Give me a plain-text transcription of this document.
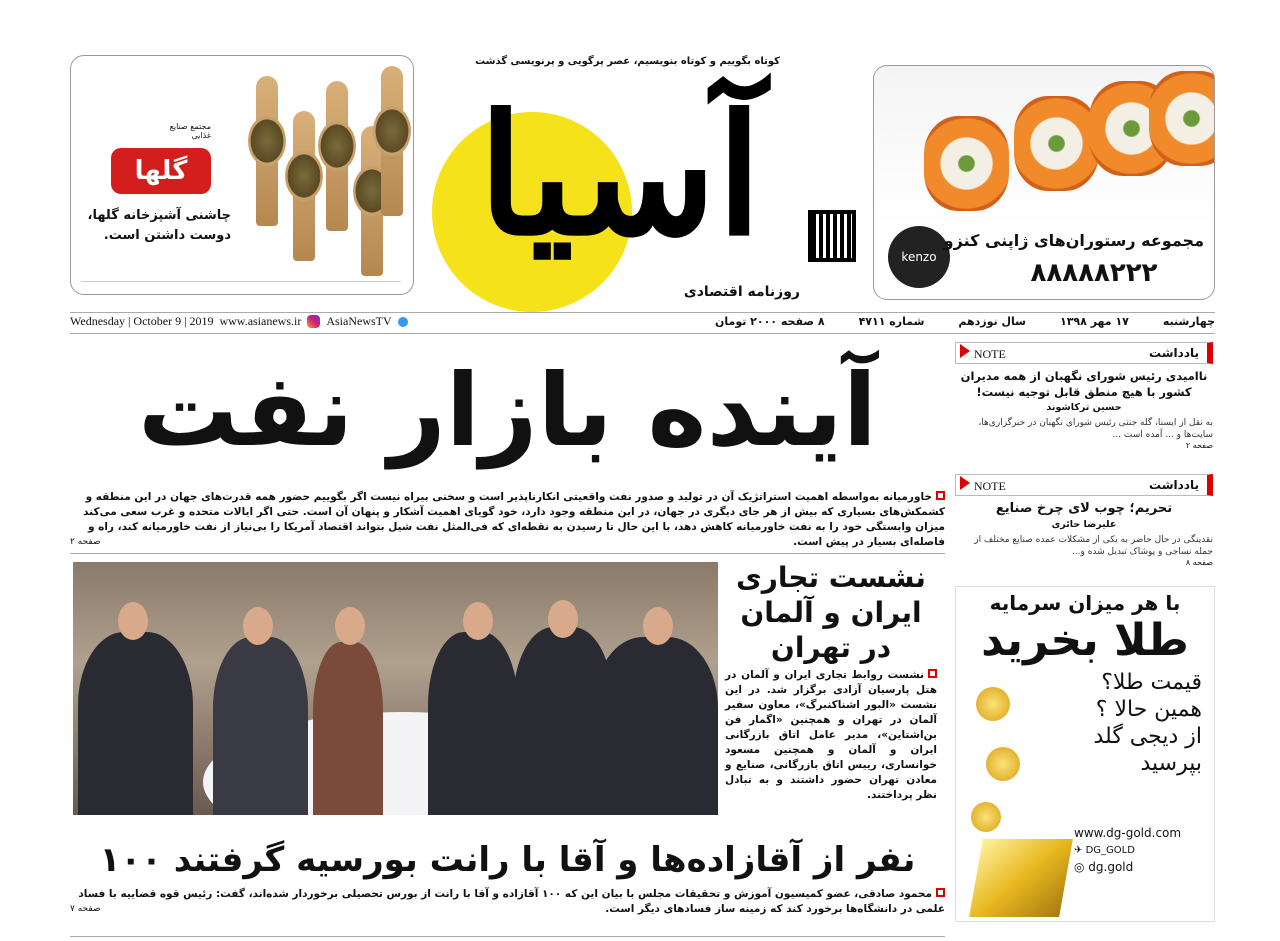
کوتاه بگوییم و کوتاه بنویسیم، عصر پرگویی و پرنویسی گذشت
آسیا
روزنامه اقتصادی
مجتمع صنایع غذایی
گلها
چاشنی آشپزخانه گلها،
دوست داشتن است.
kenzo
مجموعه رستوران‌های ژاپنی کنزو
۸۸۸۸۸۲۲۲
Wednesday | October 9 | 2019 www.asianews.ir AsiaNewsTV	چهارشنبه
۱۷ مهر ۱۳۹۸
سال نوزدهم
شماره ۴۷۱۱
۸ صفحه ۲۰۰۰ تومان
آینده بازار نفت
خاورمیانه به‌واسطه اهمیت استراتژیک آن در تولید و صدور نفت واقعیتی انکارناپذیر است و سخنی بیراه نیست اگر بگوییم حضور همه قدرت‌های جهان در این منطقه و کشمکش‌های بسیاری که بیش از هر جای دیگری در جهان، در این منطقه وجود دارد، خود گویای اهمیت آشکار و پنهان آن است. حتی اگر ایالات متحده و غرب سعی می‌کند میزان وابستگی خود را به نفت خاورمیانه کاهش دهد، با این حال تا رسیدن به نقطه‌ای که فی‌المثل نفت شیل بتواند اقتصاد آمریکا را بی‌نیاز از نفت خاورمیانه کند، راه و فاصله‌ای بسیار در پیش است.
صفحه ۲
نشست تجاری
ایران و آلمان
در تهران
نشست روابط تجاری ایران و آلمان در هتل پارسیان آزادی برگزار شد. در این نشست «البور اشناکنبرگ»، معاون سفیر آلمان در تهران و همچنین «اگمار فن بن‌اشتاین»، مدیر عامل اتاق بازرگانی ایران و آلمان و همچنین مسعود خوانساری، رییس اتاق بازرگانی، صنایع و معادن تهران حضور داشتند و به تبادل نظر پرداختند.
۱۰۰ نفر از آقازاده‌ها و آقا با رانت بورسیه گرفتند
محمود صادقی، عضو کمیسیون آموزش و تحقیقات مجلس با بیان این که ۱۰۰ آقازاده و آقا با رانت از بورس تحصیلی برخوردار شده‌اند، گفت: رئیس قوه قضاییه با فساد علمی در دانشگاه‌ها برخورد کند که زمینه ساز فسادهای دیگر است.
صفحه ۷
NOTE	یادداشت
ناامیدی رئیس شورای نگهبان از همه مدیران کشور با هیچ منطق قابل توجیه نیست!
حسین ترکاشوند
به نقل از ایسنا، گله جنتی رئیس شورای نگهبان در خبرگزاری‌ها، سایت‌ها و ... آمده است ...
صفحه ۲
NOTE	یادداشت
تحریم؛ چوب لای چرخ صنایع
علیرضا حائری
نقدینگی در حال حاضر به یکی از مشکلات عمده صنایع مختلف از جمله نساجی و پوشاک تبدیل شده و...
صفحه ۸
با هر میزان سرمایه
طلا بخرید
قیمت طلا؟
همین حالا ؟
از دیجی گلد
بپرسید
www.dg-gold.com
✈ DG_GOLD
◎ dg.gold
